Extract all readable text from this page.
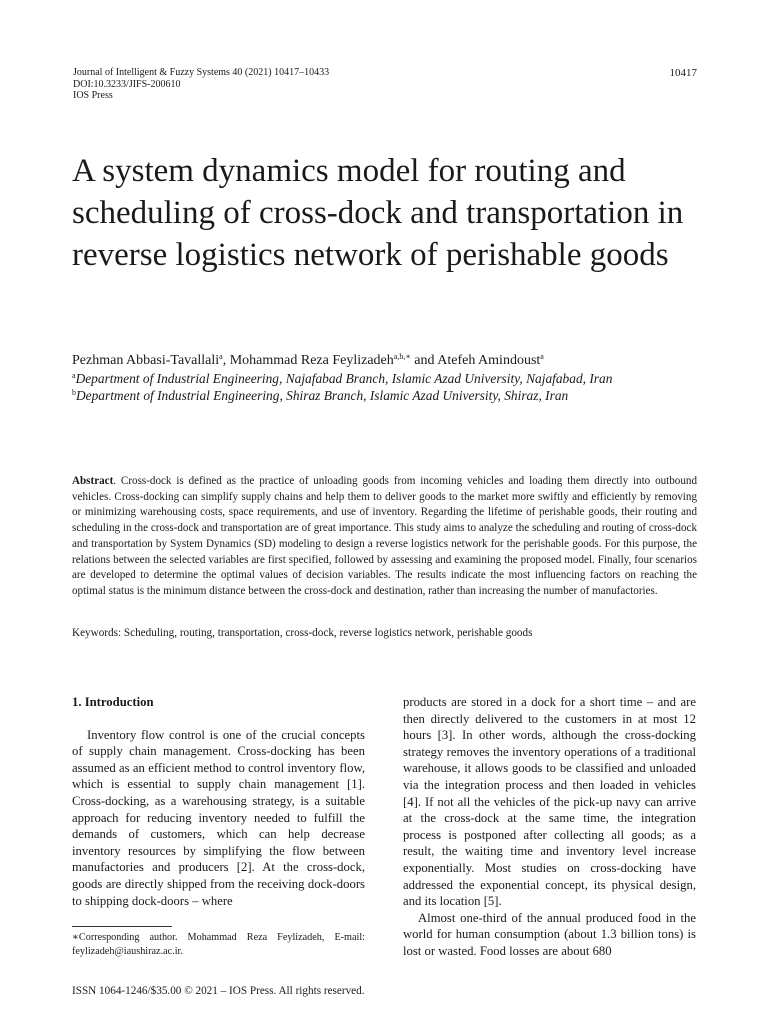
Journal of Intelligent & Fuzzy Systems 40 (2021) 10417–10433
DOI:10.3233/JIFS-200610
IOS Press
10417
A system dynamics model for routing and scheduling of cross-dock and transportation in reverse logistics network of perishable goods
Pezhman Abbasi-Tavallali$^a$, Mohammad Reza Feylizadeh$^{a,b,∗}$ and Atefeh Amindoust$^a$
$^a$Department of Industrial Engineering, Najafabad Branch, Islamic Azad University, Najafabad, Iran
$^b$Department of Industrial Engineering, Shiraz Branch, Islamic Azad University, Shiraz, Iran

Abstract. Cross-dock is defined as the practice of unloading goods from incoming vehicles and loading them directly into outbound vehicles. Cross-docking can simplify supply chains and help them to deliver goods to the market more swiftly and efficiently by removing or minimizing warehousing costs, space requirements, and use of inventory. Regarding the lifetime of perishable goods, their routing and scheduling in the cross-dock and transportation are of great importance. This study aims to analyze the scheduling and routing of cross-dock and transportation by System Dynamics (SD) modeling to design a reverse logistics network for the perishable goods. For this purpose, the relations between the selected variables are first specified, followed by assessing and examining the proposed model. Finally, four scenarios are developed to determine the optimal values of decision variables. The results indicate the most influencing factors on reaching the optimal status is the minimum distance between the cross-dock and destination, rather than increasing the number of manufactories.

Keywords: Scheduling, routing, transportation, cross-dock, reverse logistics network, perishable goods
1. Introduction

Inventory flow control is one of the crucial concepts of supply chain management. Cross-docking has been assumed as an efficient method to control inventory flow, which is essential to supply chain management [1]. Cross-docking, as a warehousing strategy, is a suitable approach for reducing inventory needed to fulfill the demands of customers, which can help decrease inventory resources by simplifying the flow between manufactories and producers [2]. At the cross-dock, goods are directly shipped from the receiving dock-doors to shipping dock-doors – where

products are stored in a dock for a short time – and are then directly delivered to the customers in at most 12 hours [3]. In other words, although the cross-docking strategy removes the inventory operations of a traditional warehouse, it allows goods to be classified and unloaded via the integration process and then loaded in vehicles [4]. If not all the vehicles of the pick-up navy can arrive at the cross-dock at the same time, the integration process is postponed after collecting all goods; as a result, the waiting time and inventory level increase exponentially. Most studies on cross-docking have addressed the exponential concept, its physical design, and its location [5].

Almost one-third of the annual produced food in the world for human consumption (about 1.3 billion tons) is lost or wasted. Food losses are about 680

∗Corresponding author. Mohammad Reza Feylizadeh, E-mail: feylizadeh@iaushiraz.ac.ir.
ISSN 1064-1246/$35.00 © 2021 – IOS Press. All rights reserved.
